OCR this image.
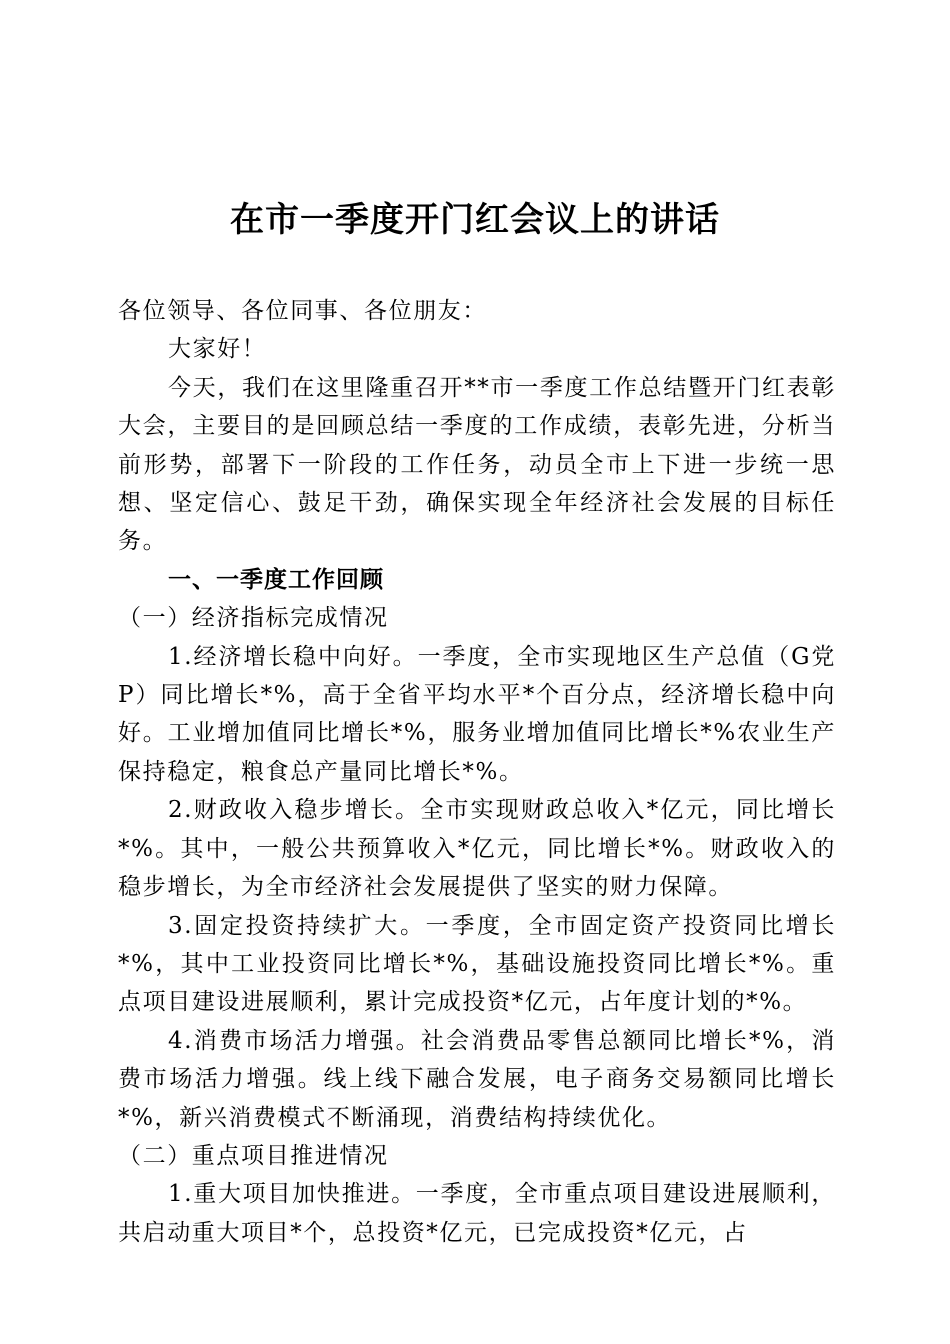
在市一季度开门红会议上的讲话

各位领导、各位同事、各位朋友：

大家好！

今天，我们在这里隆重召开**市一季度工作总结暨开门红表彰大会，主要目的是回顾总结一季度的工作成绩，表彰先进，分析当前形势，部署下一阶段的工作任务，动员全市上下进一步统一思想、坚定信心、鼓足干劲，确保实现全年经济社会发展的目标任务。

一、一季度工作回顾

（一）经济指标完成情况

1.经济增长稳中向好。一季度，全市实现地区生产总值（G党P）同比增长*%，高于全省平均水平*个百分点，经济增长稳中向好。工业增加值同比增长*%，服务业增加值同比增长*%农业生产保持稳定，粮食总产量同比增长*%。

2.财政收入稳步增长。全市实现财政总收入*亿元，同比增长*%。其中，一般公共预算收入*亿元，同比增长*%。财政收入的稳步增长，为全市经济社会发展提供了坚实的财力保障。

3.固定投资持续扩大。一季度，全市固定资产投资同比增长*%，其中工业投资同比增长*%，基础设施投资同比增长*%。重点项目建设进展顺利，累计完成投资*亿元，占年度计划的*%。

4.消费市场活力增强。社会消费品零售总额同比增长*%，消费市场活力增强。线上线下融合发展，电子商务交易额同比增长*%，新兴消费模式不断涌现，消费结构持续优化。

（二）重点项目推进情况

1.重大项目加快推进。一季度，全市重点项目建设进展顺利，共启动重大项目*个，总投资*亿元，已完成投资*亿元，占
